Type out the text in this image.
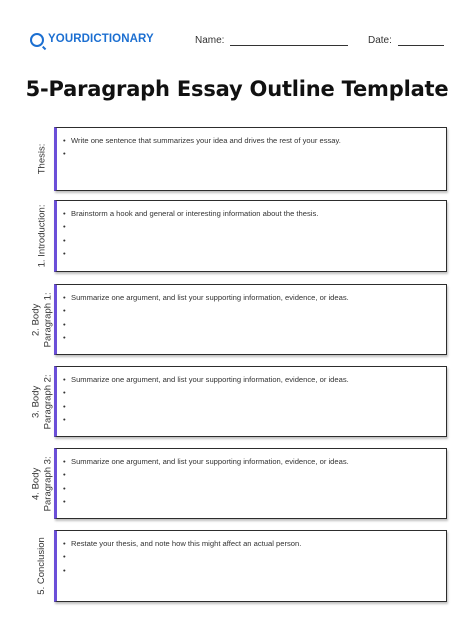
YOURDICTIONARY	Name:	Date:
5-Paragraph Essay Outline Template
Thesis:
• Write one sentence that summarizes your idea and drives the rest of your essay.
•
1. Introduction: • Brainstorm a hook and general or interesting information about the thesis.
•
•
•
2. Body Paragraph 1: • Summarize one argument, and list your supporting information, evidence, or ideas.
•
•
•
3. Body Paragraph 2: • Summarize one argument, and list your supporting information, evidence, or ideas.
•
•
•
4. Body Paragraph 3: • Summarize one argument, and list your supporting information, evidence, or ideas.
•
•
•
5. Conclusion • Restate your thesis, and note how this might affect an actual person.
•
•
